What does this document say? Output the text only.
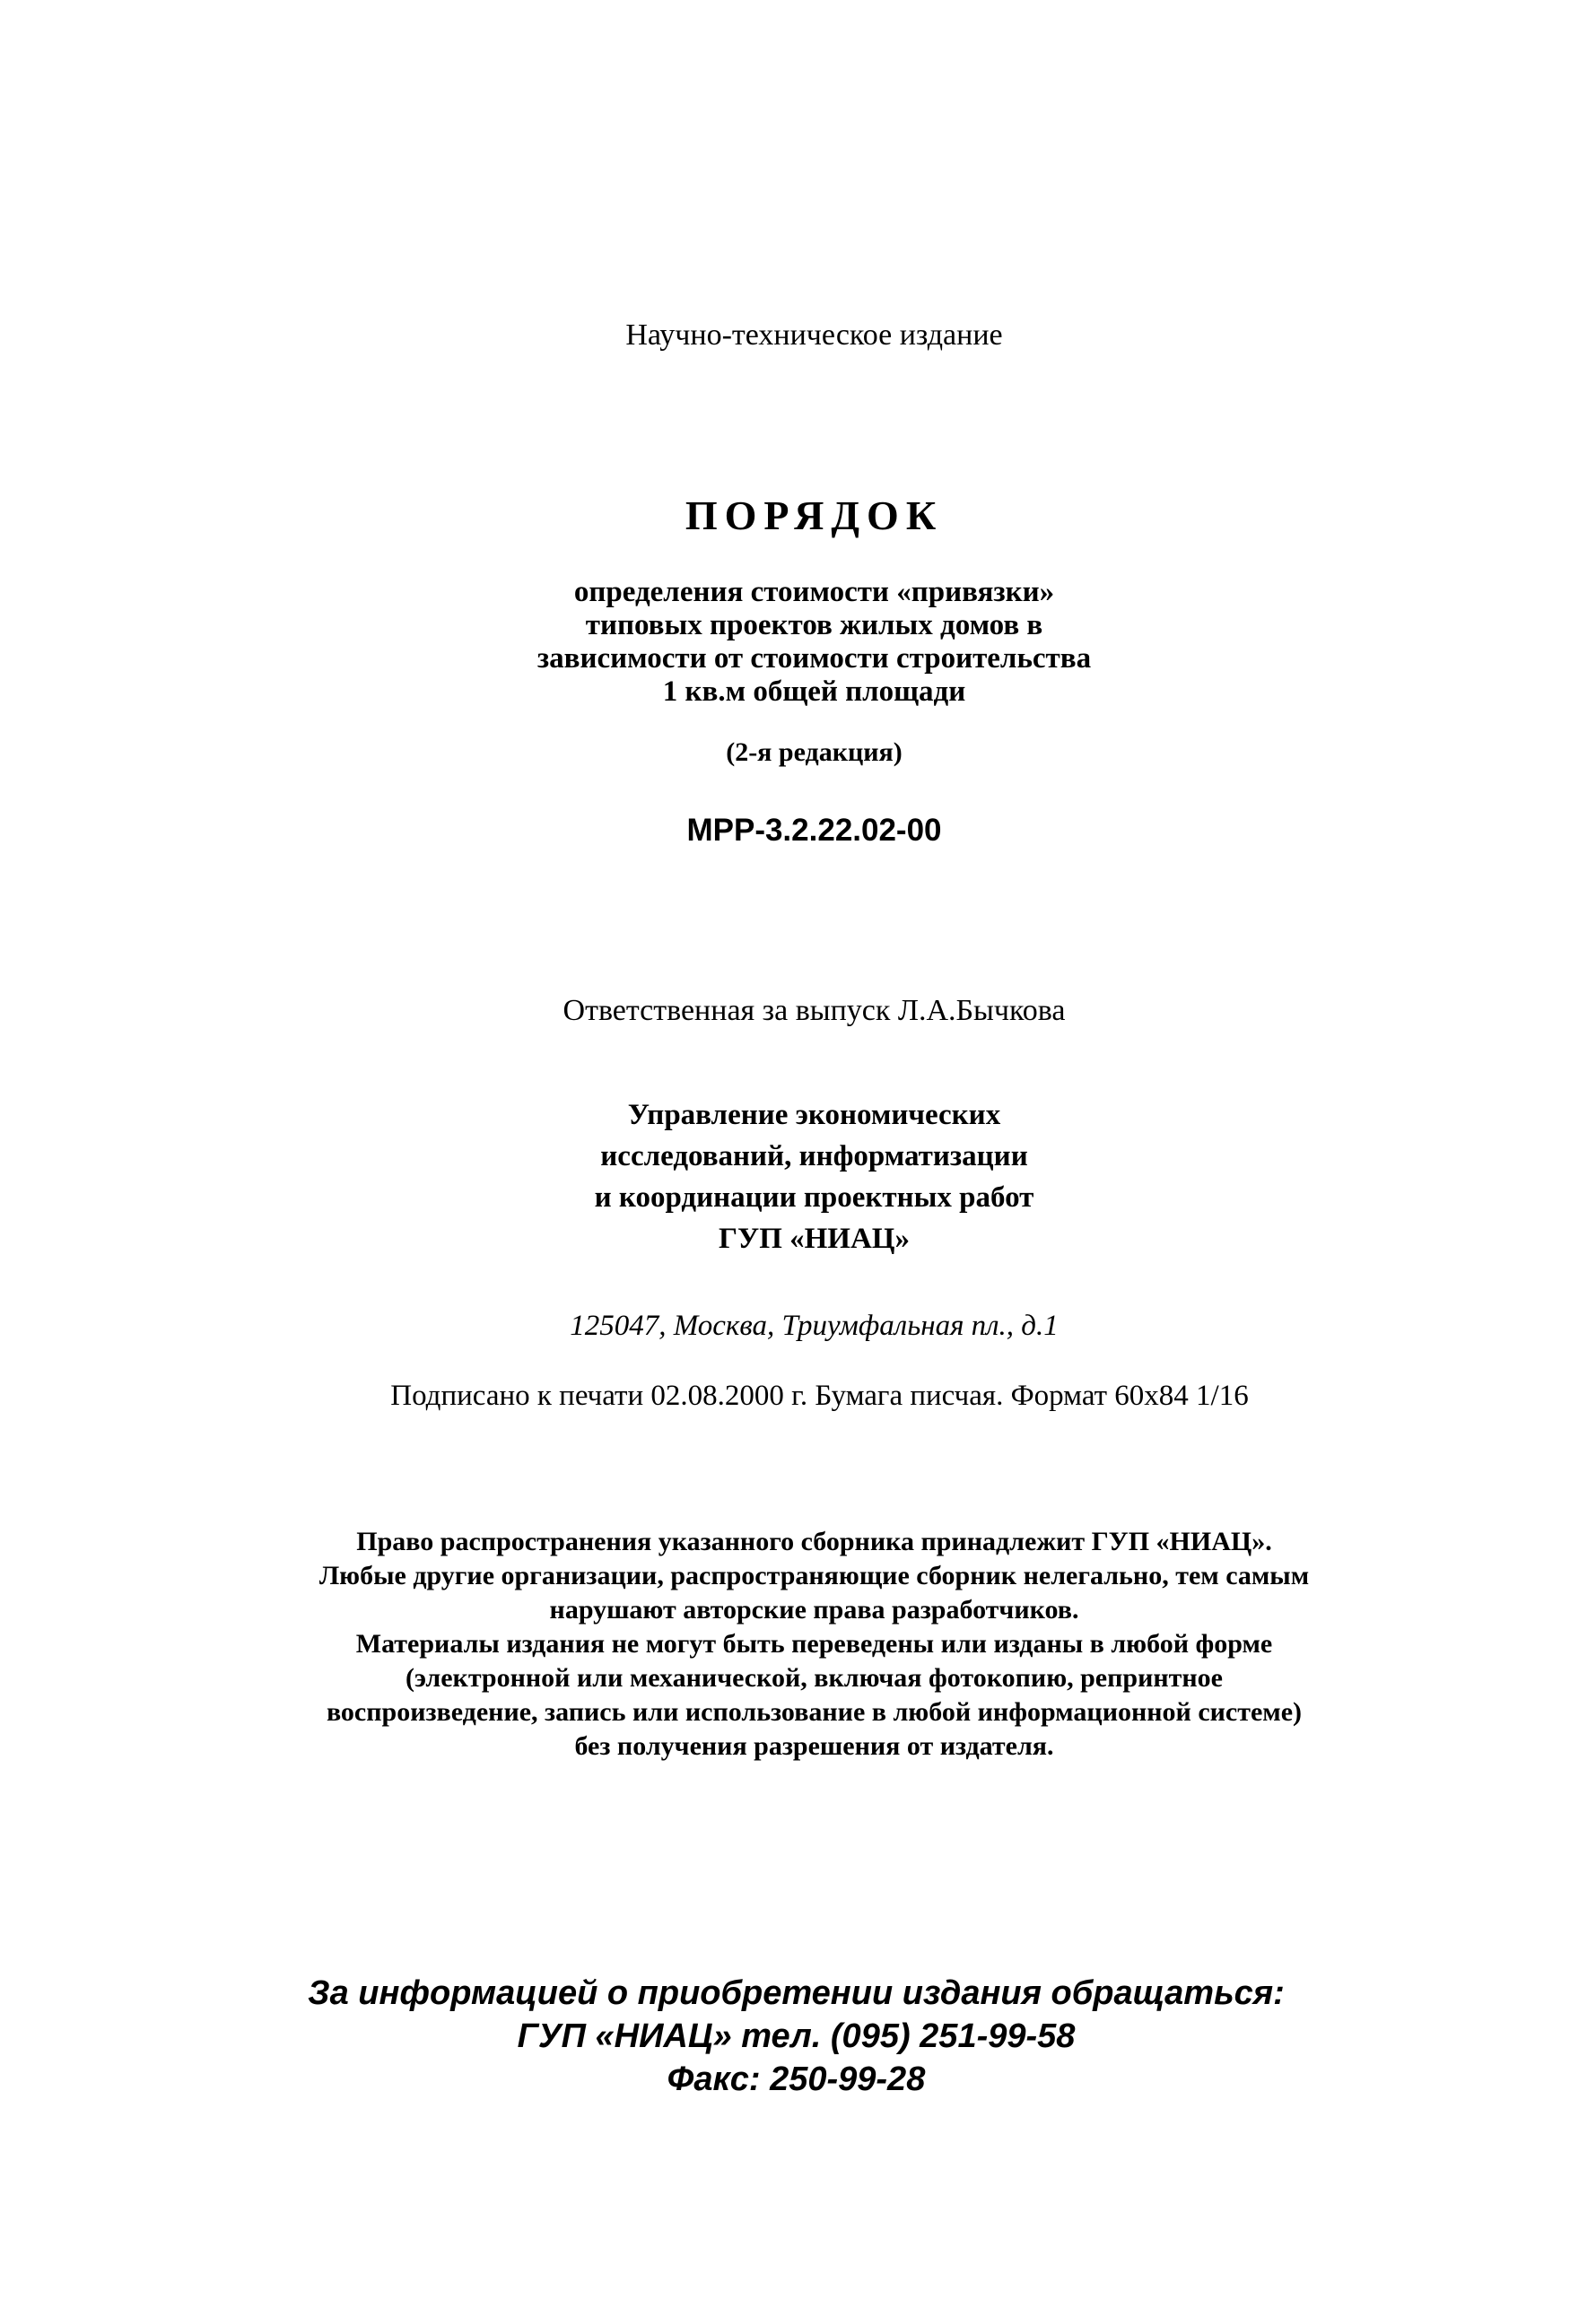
Научно-техническое издание
ПОРЯДОК
определения стоимости «привязки»
типовых проектов жилых домов в
зависимости от стоимости строительства
1 кв.м общей площади
(2-я редакция)
МРР-3.2.22.02-00
Ответственная за выпуск Л.А.Бычкова
Управление экономических
исследований, информатизации
и координации проектных работ
ГУП «НИАЦ»
125047, Москва, Триумфальная пл., д.1
Подписано к печати 02.08.2000 г. Бумага писчая. Формат 60х84 1/16
Право распространения указанного сборника принадлежит ГУП «НИАЦ».
Любые другие организации, распространяющие сборник нелегально, тем самым
нарушают авторские права разработчиков.
Материалы издания не могут быть переведены или изданы в любой форме
(электронной или механической, включая фотокопию, репринтное
воспроизведение, запись или использование в любой информационной системе)
без получения разрешения от издателя.
За информацией о приобретении издания обращаться:
ГУП «НИАЦ» тел. (095) 251-99-58
Факс: 250-99-28
